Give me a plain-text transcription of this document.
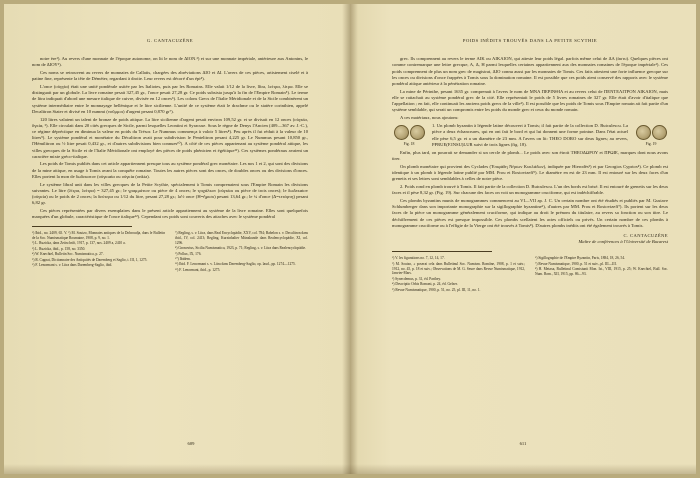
G. CANTACUZÈNE

notre ère¹). Au revers d'une monnaie de l'époque autonome, on lit le nom de ΔΙΟΝ.²) et sur une monnaie impériale, antérieure aux Antonins, le nom de ΔΙΟΥ³).

Ces noms se retrouvent au revers de monnaies de Callatis, chargées des abréviations ΔΙΟ et ΔΙ. L'avers de ces pièces, artistement ciselé et à patine fine, représente la tête de Déméter, regardant à droite. Leur revers est décoré d'un épi⁴).

L'once (οὐγγία) était une unité pondérale usitée par les Italiotes, puis par les Romains. Elle valait 1/12 de la livre, lîtra, λείτρα, λίτρα. Elle se distinguait par un globule. La livre romaine pesait 327,45 gr., l'once pesait 27,28 gr. Ce poids subsista jusqu'à la fin de l'Empire Romain⁵). Le terme de litra indiquait d'abord une mesure italique de cuivre, divisée en 12 onces⁶). Les colons Grecs de l'Italie Méridionale et de la Sicile combinèrent un système intermédiaire entre le monnayage hellénique et le litre sicilienne. L'unité de ce système était le drachme ou le statère corinthien, appelé Decalitron Stater et divisé en 10 nummi (νοῦμμοι) d'argent pesant 0,870 gr⁷).

120 litres valaient un talent de bronze de poids attique. La litre sicilienne d'argent pesait environ 109,52 gr. et se divisait en 12 onces (οὐγκία, ὄγκία, ³). Elle circulait dans 20 cités grecques de Sicile, parmi lesquelles Leontini et Syracuse. Sous le règne de Denys l'Ancien (409—367 av. J.-C.), ce régime dépréciique en diminua la valeur en poids du Trésor. Le Nummus commença à valoir 5 litres⁸). Peu après il fut réduit à la valeur de 10 litres⁹). Le système pondéral et monétaire du Décalitron avait pour subdivision le Pentelitron pesant 4,225 gr. Le Nummus pesant 10,850 gr., l'Hémilitron ou ½ litre pesait 0,432 gr., et d'autres subdivisions bien connues¹⁰). A côté de ces pièces appartenant au système pondéral attique, les villes grecques de la Sicile et de l'Italie Méridionale ont employé des pièces de poids phénicien et égéitique¹¹). Ces systèmes pondéraux avaient un caractère mixte gréco-italique.

Les poids de Tomis publiés dans cet article appartiennent presque tous au système pondéral grec monétaire. Les nos 1 et 2, qui sont des divisions de la mine attique, en usage à Tomis avant la conquête romaine. Toutes les autres pièces sont des onces, de doubles onces ou des divisions d'onces. Elles portent la mon de δωδεκατον (οὐγκιαία ou οὐγκία (onkia).

Le système libral unit dans les villes grecques de la Petite Scythie, spécialement à Tomis comprenaient sous l'Empire Romain les divisions suivantes. Le litre (λίτρα, λείτρα) = 327,45 gr.; le γραμμάτιον ou pièce de 4 onces; le τριχάλκον (οὐγκίαι ou pièce de trois onces); le δωδεκαtov (οὐγκία) ou le poids de 2 onces; la δεύτερα ou 1/12 du litre, pesant 27,28 gr.; la½ once (H=ἥμισυ) pesant 13,64 gr.; le ¼ d'once (Δ=τετάρτη) pesant 6,82 gr.

Ces pièces représentées par divers exemplaires dans le présent article appartiennent au système de la livre romaine. Elles sont quelquefois marquées d'un globule, caractéristique de l'once italique¹²). Cependant ces poids sont couverts des attaches avec le système pondéral

¹) Ibid., no. 2409, 65. V. ²) M. Soutzo, Monnaies antiques de la Dobroudja, dans le Bulletin de la Soc. Numismatique Roumaine, 1908, p. 9, no. 1.
²) L. Ruzicka, dans Zeitschrift, 1917, p. 137, nos. 2409 a, 2410 a.
³) L. Ruzicka, ibid., p. 158, no. 3350.
⁴) W. Knechtel, Bulletin Soc. Numismatica, p. 27.
⁵) R. Cagnat, Dictionnaire des Antiquités de Daremberg et Saglio, t. III, 1, 1275.
⁶) F. Lenormant s. v. Litra dans Daremberg-Saglio, ibid.
⁷) Regling, s. v. Litra, dans Real Encyclopädie, XXV, col. 784; Babelon s. v. Decalitron dans ibid., IV, col. 2413; Regling, Kurzinhalter Münzkunde dans Realencyclopädie, XI, col. 1296.
⁸) Gronovius, Sicilia Numismatica, 1923, p. 71; Regling, s. v. Litra dans Realencyclopädie.
⁹) Pollux, IX, 176.
¹⁰) Ibidem.
¹¹) Ibid. F. Lenormant s. v. Litra dans Daremberg-Saglio, op. laud., pp. 1274—1275.
¹²) F. Lenormant, ibid., p. 1275.
609
POIDS INÉDITS TROUVÉS DANS LA PETITE SCYTHIE

grec. Ils comprennent au revers le terme ΑΙΚ ou ΑΙΚΑΙΟΝ, qui atteste leur poids légal. parfois même celui de ΔΑ (ἀστυ). Quelques pièces ont comme contremarque une lettre grecque, A, Δ, H parmi lesquelles certaines appartiennent aux des monnaies romaines de l'époque impériale¹). Ces poids comprennent de plus un nom grec de magistrat, ΔΙΟ connu aussi par les monnaies de Tomis. Ces faits attestent une forte influence grecque sur les onces ou divisions d'once frappées à Tomis sous la domination romaine. Il est possible que ces poids aient conservé des rapports avec le système pondéral attique antérieur à la pénétration romaine.

La mine de Périnthe, pesant 1635 gr. comprenait à l'avers le nom de ΜΝΑ ΠΕΡΙΝΘΙΑ et au revers celui de ΠΕΝΤΕΛΙΤΡΟΝ ΑΙΚΑΙΟΝ, mais elle se rattachait au système pondéral grec de la cité. Elle représentait le poids de 5 livres romaines de 327 gr. Elle était d'avoir d'italique que l'appellation ; en fait, elle continuait les anciens poids grecs de la ville²). Il est possible que les poids de Tomis sous l'Empire romain ait fait partie d'un système semblable, qui serait un compromis entre les poids du monde grec et ceux du monde romain.

A ces matériaux, nous ajoutons:

Fig. 18
1. Un plomb byzantin à légende latine découvert à Tomis; il fait partie de la collection D. Butculescu. La pièce a deux échancrures, qui en ont fait le bord et qui lui donnent une forme pointue. Dans l'état actuel elle pèse 6,5 gr. et a un diamètre de 23 mm. A l'avers on lit: THEO DORO sur deux lignes; au revers, PPRUE(F.INSU)LUR suivi de trois lignes (fig. 18).	Fig. 19

Enfin, plus tard, on pourrait se demander si un cercle de plomb... Le poids avec son étroit ΤΗΕΟΔΩΡΟΥ et ΠΡΩΙΕ, marques dont nous avons tirer.

On plomb monétaire qui provient des Cyclades (Ἐπιφάδη Νήσων Κυκλάδων), indiquée par Hierodès³) et par Georgios Cyprios⁴). Ce plomb est identique à un plomb à légende latine publié par MM. Prou et Rostovtzeff⁵). Le diamètre en est de 23 mm. Il est entouré sur les deux faces d'un grenetis et ses lettres sont semblables à celles de notre pièce.

2. Poids rond en plomb trouvé à Tomis. Il fait partie de la collection D. Butculescu. L'un des bords est brisé. Il est entouré de grenetis sur les deux faces et il pèse 8,32 gr. (Fig. 19). Sur chacune des faces on voit un monogramme cruciforme, qui est indéchiffrable.

Ces plombs byzantins munis de monogrammes commencent au VI—VII ap. J. C. Un certain nombre ont été étudiés et publiés par M. Gustave Schlumberger dans son importante monographie sur la sigillographie byzantine⁶), d'autres par MM. Prou et Rostovtzeff⁷). Ils portent sur les deux faces de la pièce un monogramme généralement cruciforme, qui indique au droit le prénom du titulaire, au revers sa fonction ou son titre. Le déchiffrement de ces pièces est presque impossible. Ces plombs scellaient les actes officiels ou privés. Un certain nombre de ces plombs à monogramme cruciforme ou à l'effigie de la Vierge ont été trouvés à Tomis⁸). D'autres plombs inédits ont été également trouvés à Tomis.

C. CANTACUZÈNE
Maître de conférences à l'Université de Bucarest
¹) V. les figurations no. 7, 12, 14, 17.
²) M. Soutzo, « poserai cela dans Bulletinul Soc. Numism. Române, 1908, p. 1 et suiv.; 1912, no. 45, p. 18 et suiv.; Observations de M. G. Seure dans Revue Numismatique, 1912, Janvier-Mars.
³) Synecdemus, p. 31, éd. Parthey.
⁴) Descriptio Orbis Romani, p. 24, éd. Gelzer.
⁵) Revue Numismatique, 1900, p. 51, no. 25, pl. III, 11, no. 1.
⁶) Sigillographie de l'Empire Byzantin, Paris, 1884, 18, 26, 54.
⁷) Revue Numismatique, 1900, p. 51 et suiv., pl. III—III.
⁸) H. Metaxa, Bulletinul Comisiunii Mon. Ist., VIII, 1915, p. 25; W. Knechtel, Bull. Soc. Num. Rom., XII, 1915, pp. 86—93.
611
